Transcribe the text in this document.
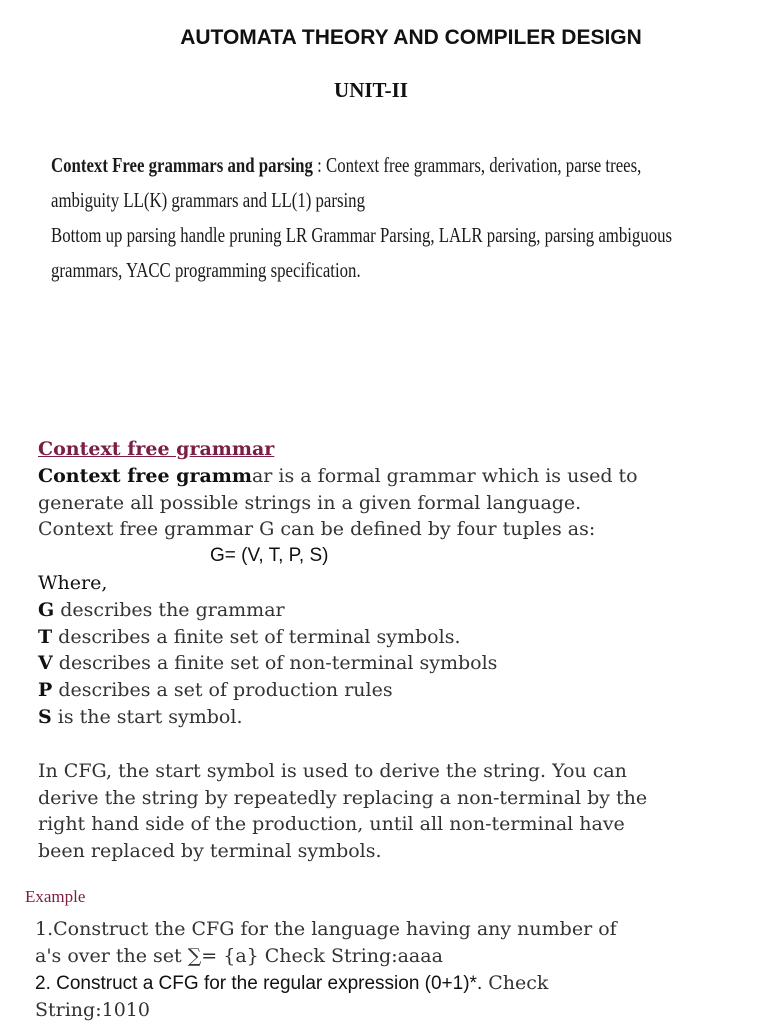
AUTOMATA THEORY AND COMPILER DESIGN
UNIT-II

Context Free grammars and parsing : Context free grammars, derivation, parse trees,

ambiguity LL(K) grammars and LL(1) parsing

Bottom up parsing handle pruning LR Grammar Parsing, LALR parsing, parsing ambiguous

grammars, YACC programming specification.

Context free grammar

Context free grammar is a formal grammar which is used to

generate all possible strings in a given formal language.

Context free grammar G can be defined by four tuples as:

G= (V, T, P, S)

Where,

G describes the grammar

T describes a finite set of terminal symbols.

V describes a finite set of non-terminal symbols

P describes a set of production rules

S is the start symbol.

In CFG, the start symbol is used to derive the string. You can

derive the string by repeatedly replacing a non-terminal by the

right hand side of the production, until all non-terminal have

been replaced by terminal symbols.

Example

1.Construct the CFG for the language having any number of

a's over the set ∑= {a} Check String:aaaa

2. Construct a CFG for the regular expression (0+1)*. Check

String:1010
